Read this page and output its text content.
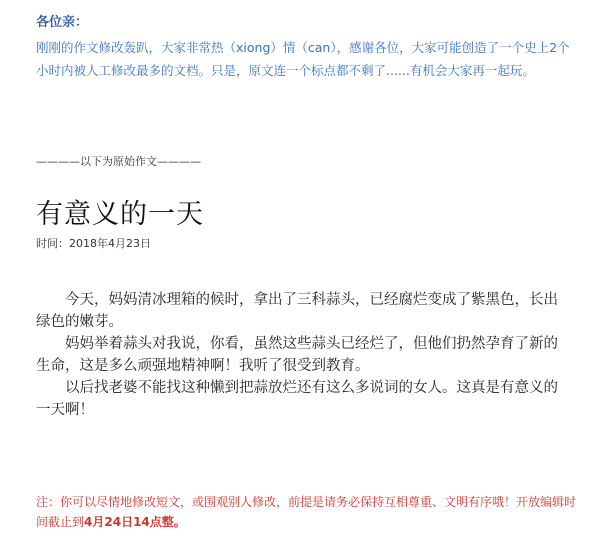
各位亲：
刚刚的作文修改轰趴，大家非常热（xiong）情（can），感谢各位，大家可能创造了一个史上2个小时内被人工修改最多的文档。只是，原文连一个标点都不剩了......有机会大家再一起玩。
————以下为原始作文————
有意义的一天
时间：2018年4月23日

今天，妈妈清冰理箱的候时，拿出了三科蒜头，已经腐烂变成了紫黑色，长出绿色的嫩芽。

妈妈举着蒜头对我说，你看，虽然这些蒜头已经烂了，但他们扔然孕育了新的生命，这是多么顽强地精神啊！我听了很受到教育。

以后找老婆不能找这种懒到把蒜放烂还有这么多说词的女人。这真是有意义的一天啊！

注：你可以尽情地修改短文，或围观别人修改，前提是请务必保持互相尊重、文明有序哦！开放编辑时间截止到4月24日14点整。
